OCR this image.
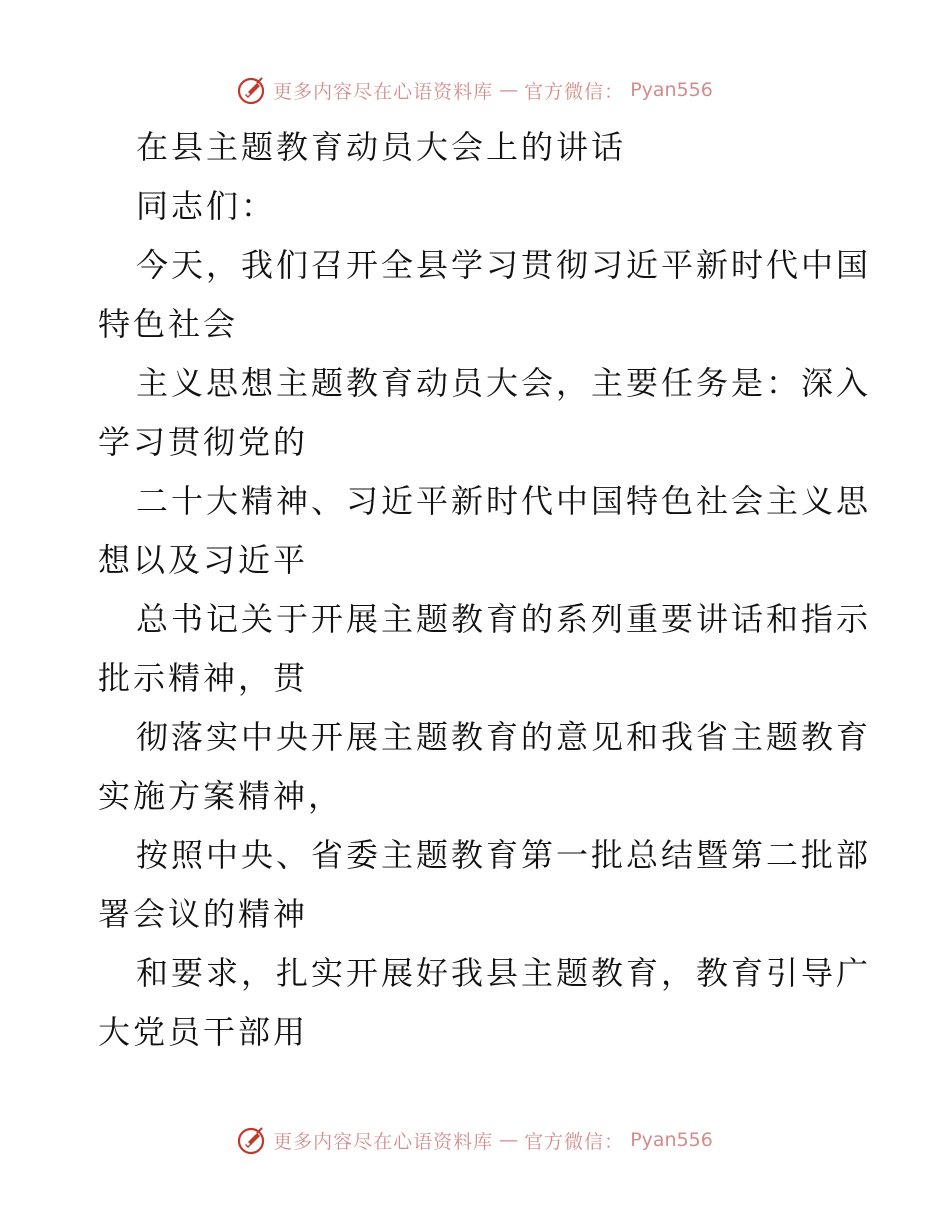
更多内容尽在心语资料库 — 官方微信： Pyan556
在县主题教育动员大会上的讲话
同志们：
今天，我们召开全县学习贯彻习近平新时代中国
特色社会
主义思想主题教育动员大会，主要任务是：深入
学习贯彻党的
二十大精神、习近平新时代中国特色社会主义思
想以及习近平
总书记关于开展主题教育的系列重要讲话和指示
批示精神，贯
彻落实中央开展主题教育的意见和我省主题教育
实施方案精神，
按照中央、省委主题教育第一批总结暨第二批部
署会议的精神
和要求，扎实开展好我县主题教育，教育引导广
大党员干部用
更多内容尽在心语资料库 — 官方微信： Pyan556
